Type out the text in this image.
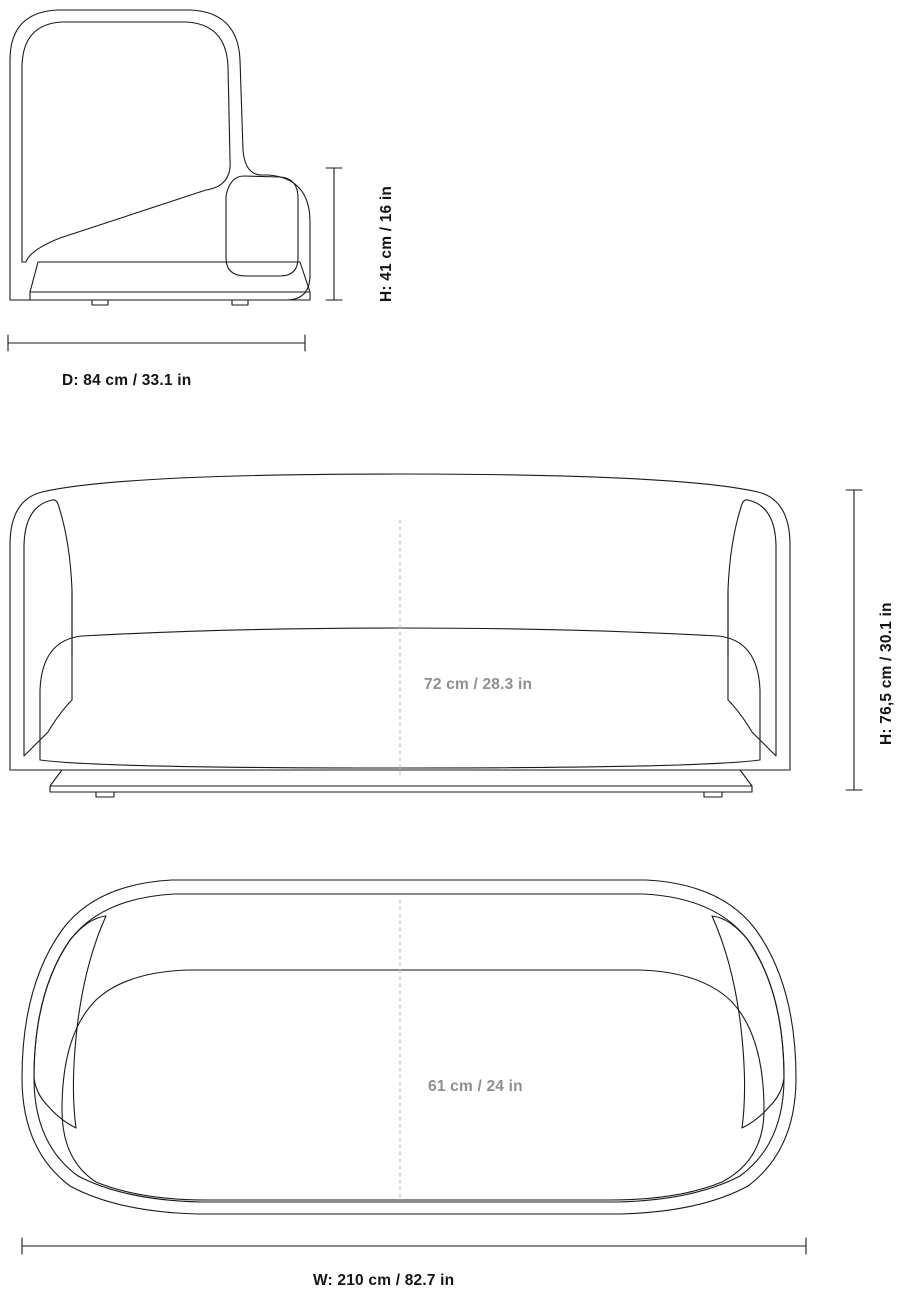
H: 41 cm / 16 in
D: 84 cm / 33.1 in
72 cm / 28.3 in	H: 76,5 cm / 30.1 in
61 cm / 24 in
W: 210 cm / 82.7 in
